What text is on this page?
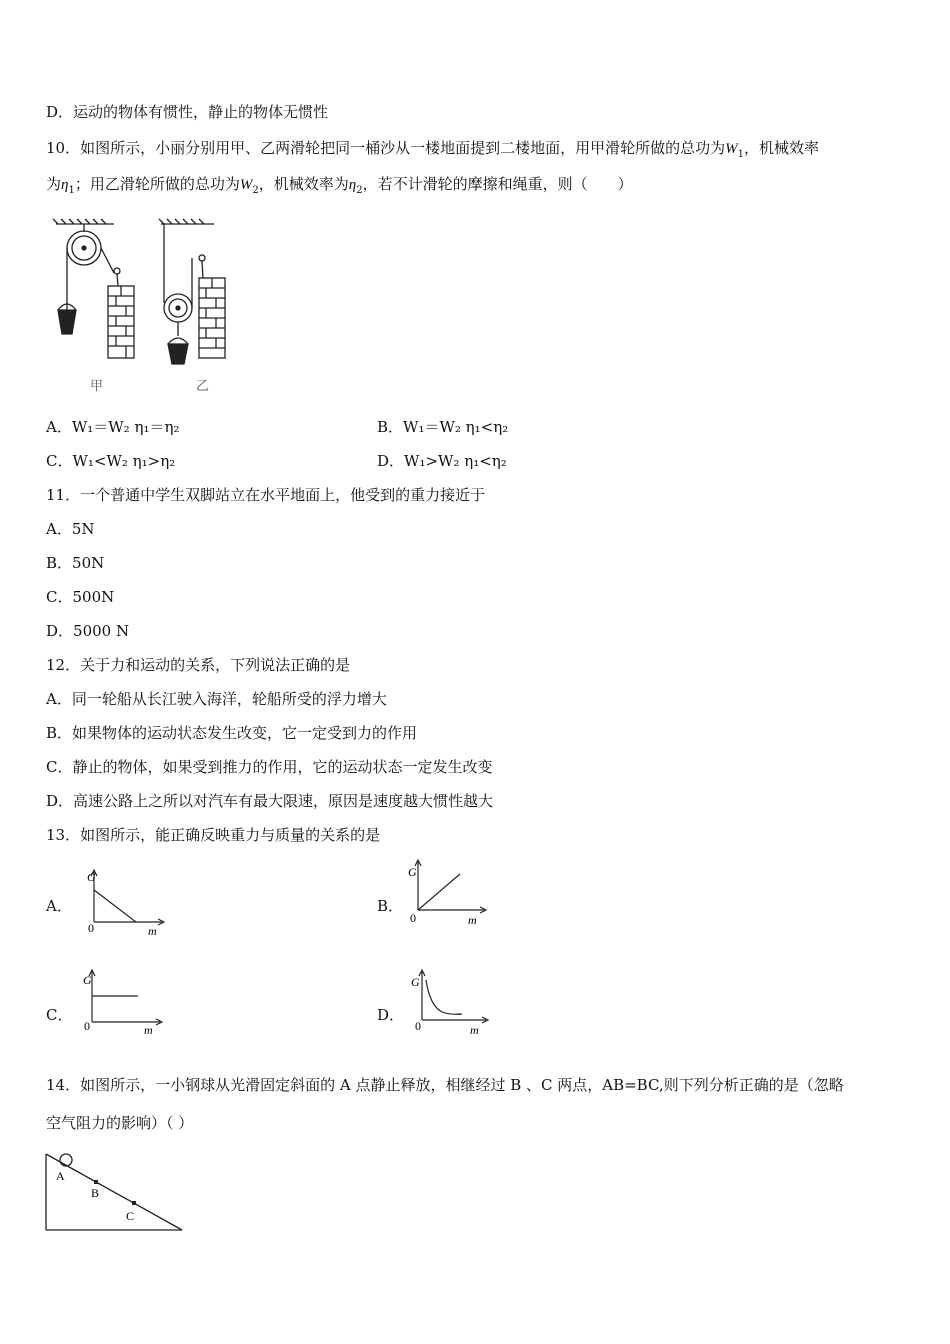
D．运动的物体有惯性，静止的物体无惯性
10．如图所示，小丽分别用甲、乙两滑轮把同一桶沙从一楼地面提到二楼地面，用甲滑轮所做的总功为$W_1$，机械效率
为$\eta_1$；用乙滑轮所做的总功为$W_2$，机械效率为$\eta_2$，若不计滑轮的摩擦和绳重，则（　　）
甲	乙
A．W₁＝W₂ η₁＝η₂	B．W₁＝W₂ η₁<η₂
C．W₁<W₂ η₁>η₂	D．W₁>W₂ η₁<η₂
11．一个普通中学生双脚站立在水平地面上，他受到的重力接近于
A．5N
B．50N
C．500N
D．5000 N
12．关于力和运动的关系，下列说法正确的是
A．同一轮船从长江驶入海洋，轮船所受的浮力增大
B．如果物体的运动状态发生改变，它一定受到力的作用
C．静止的物体，如果受到推力的作用，它的运动状态一定发生改变
D．高速公路上之所以对汽车有最大限速，原因是速度越大惯性越大
13．如图所示，能正确反映重力与质量的关系的是
A．
G
0	m
B．
G
0	m
C．
G
0	m
D．
G
0	m
14．如图所示，一小钢球从光滑固定斜面的 A 点静止释放，相继经过 B 、C 两点，AB=BC,则下列分析正确的是（忽略
空气阻力的影响）（ ）
A
B
C
